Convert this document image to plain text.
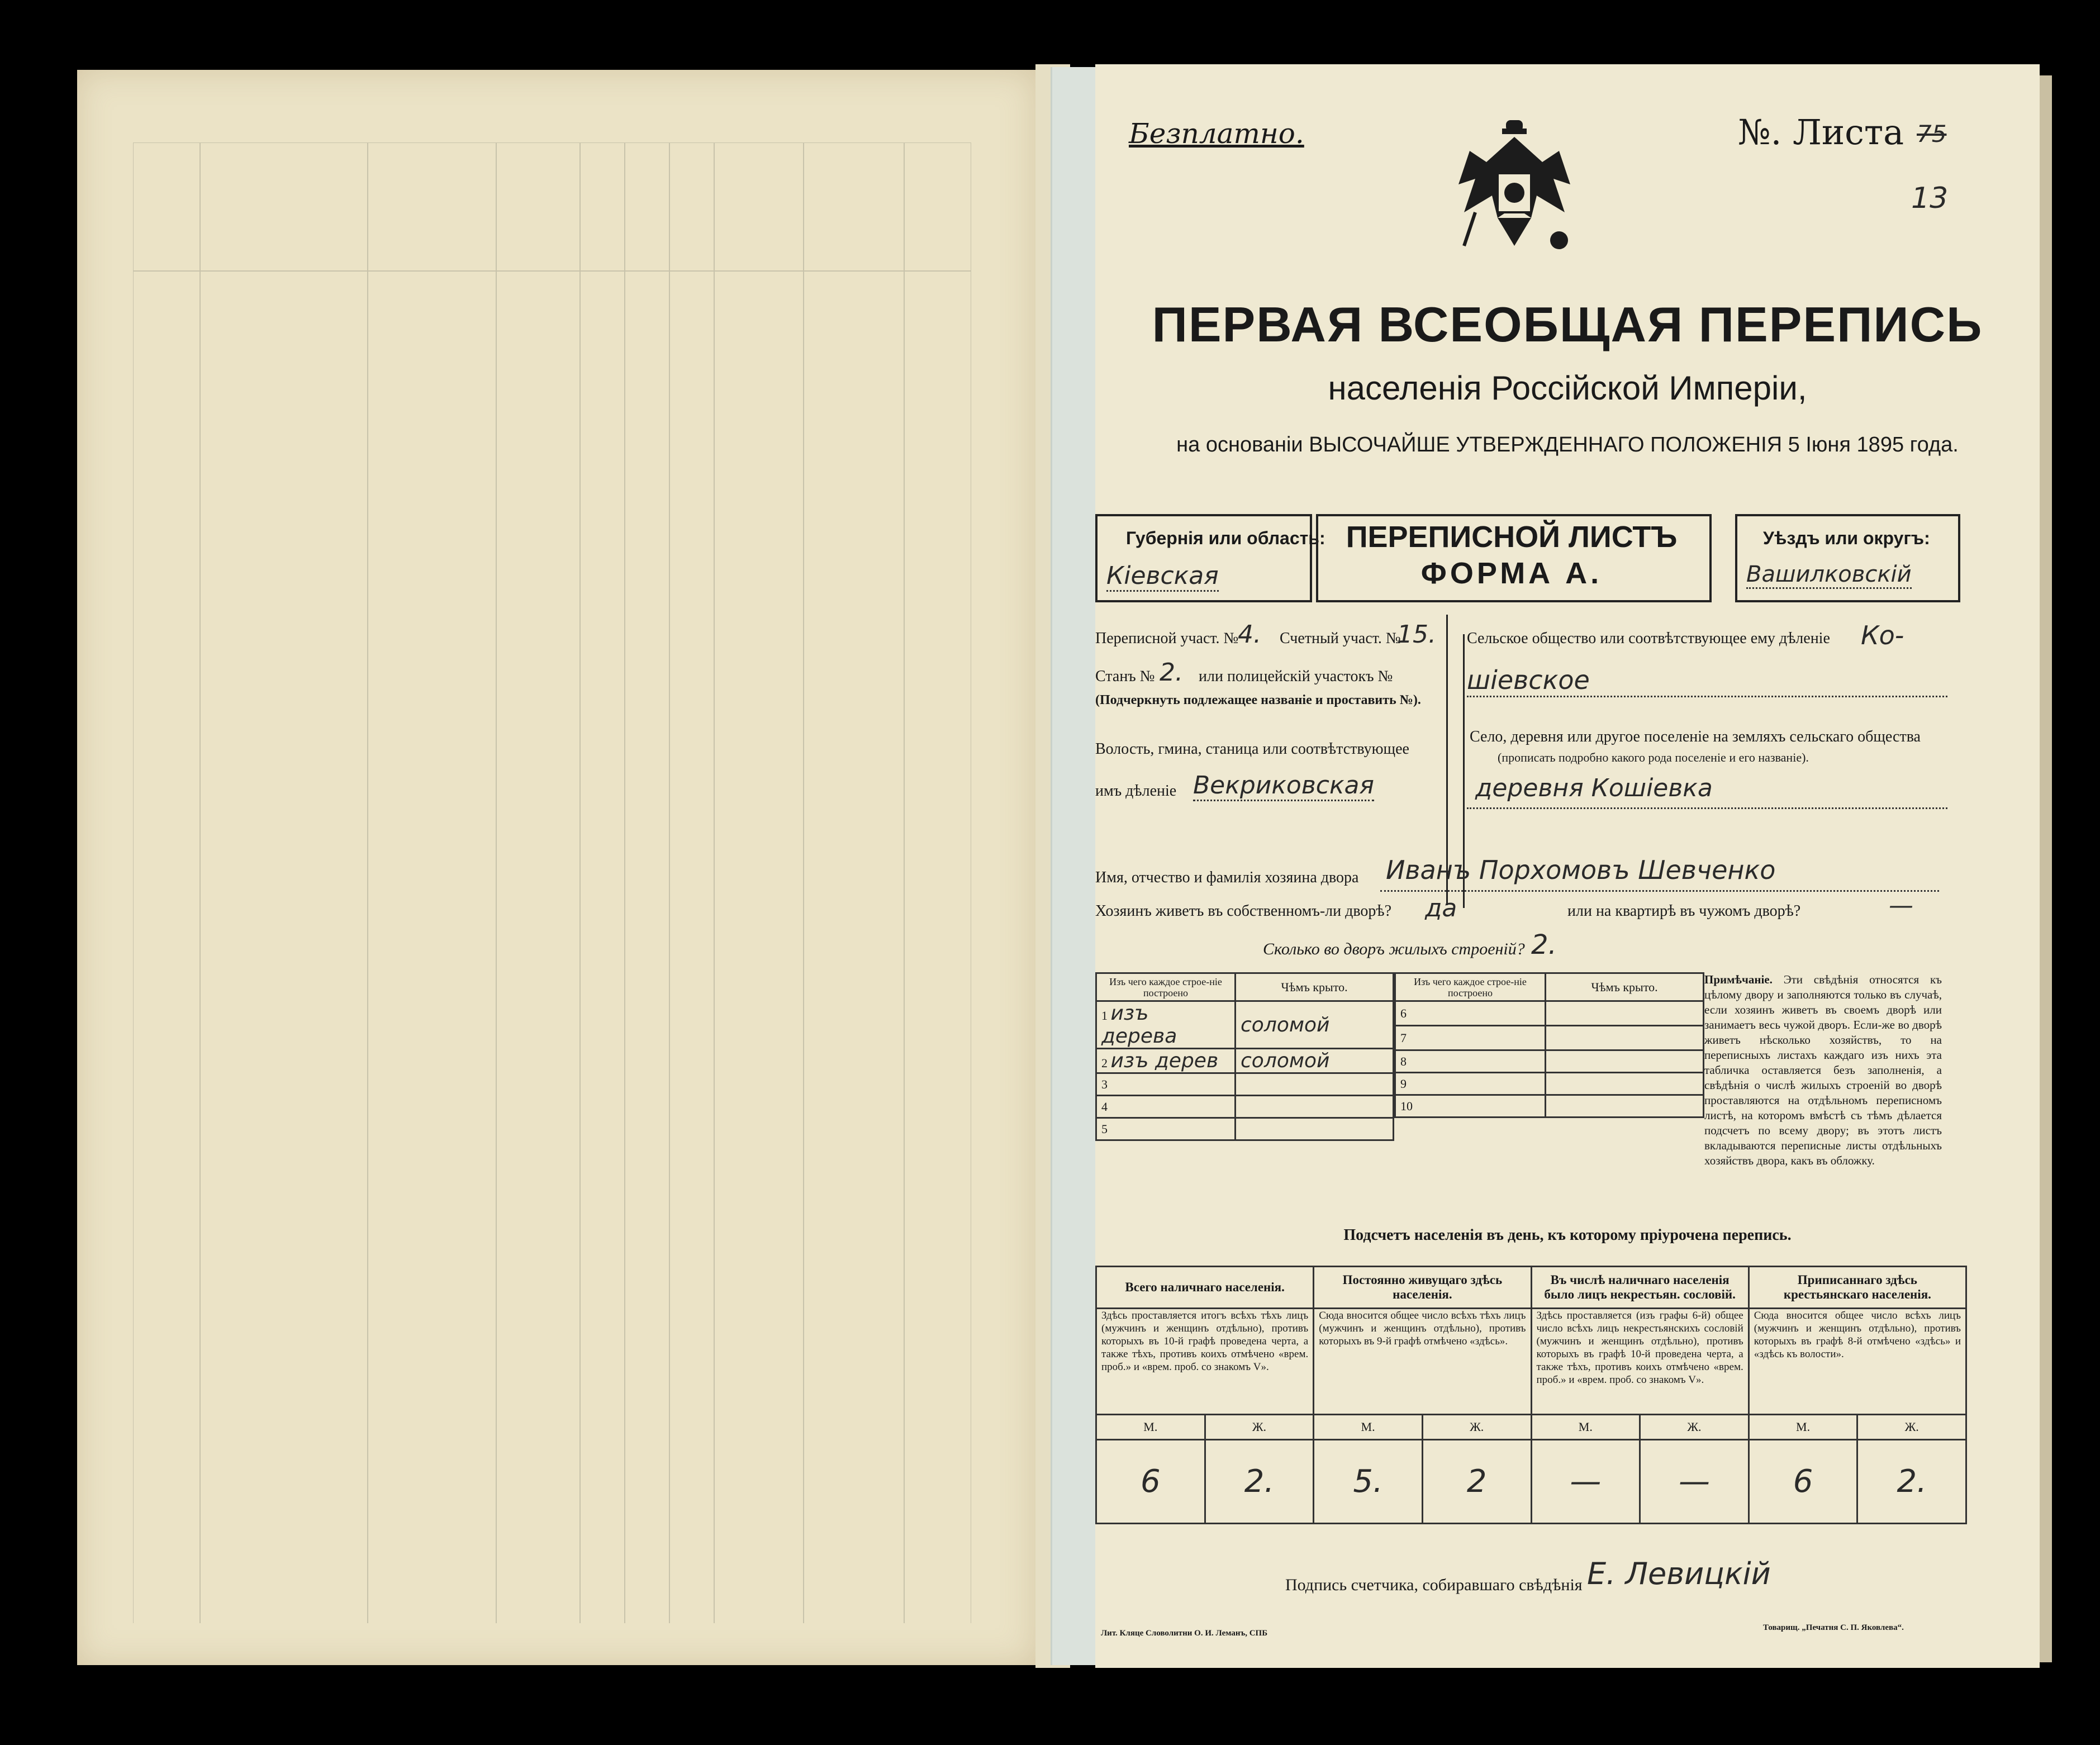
Безплатно.	№. Листа 75
13
ПЕРВАЯ ВСЕОБЩАЯ ПЕРЕПИСЬ
населенія Россійской Имперіи,
на основаніи ВЫСОЧАЙШЕ УТВЕРЖДЕННАГО ПОЛОЖЕНІЯ 5 Іюня 1895 года.
Губернія или область:
Кіевская
ПЕРЕПИСНОЙ ЛИСТЪ
ФОРМА А.
Уѣздъ или округъ:
Вашилковскій
Переписной участ. №
4. Счетный участ. №
15.
Станъ № 2. или полицейскій участокъ №
(Подчеркнуть подлежащее названіе и проставить №).
Волость, гмина, станица или соотвѣтствующее
имъ дѣленіе Векриковская
Сельское общество или соотвѣтствующее ему дѣленіе Ко-
шіевское
Село, деревня или другое поселеніе на земляхъ сельскаго общества
(прописать подробно какого рода поселеніе и его названіе).
деревня Кошіевка
Имя, отчество и фамилія хозяина двора Иванъ Порхомовъ Шевченко
Хозяинъ живетъ въ собственномъ-ли дворѣ? да	или на квартирѣ въ чужомъ дворѣ?	—
Сколько во дворъ жилыхъ строеній? 2.
Изъ чего каждое строе-ніе построено	Чѣмъ крыто.
1 изъ дерева	соломой
2 изъ дерев	соломой
3	
4	
5	
Изъ чего каждое строе-ніе построено	Чѣмъ крыто.
6	
7	
8	
9	
10	
Примѣчаніе. Эти свѣдѣнія относятся къ цѣлому двору и заполняются только въ случаѣ, если хозяинъ живетъ въ своемъ дворѣ или занимаетъ весь чужой дворъ. Если-же во дворѣ живетъ нѣсколько хозяйствъ, то на переписныхъ листахъ каждаго изъ нихъ эта табличка оставляется безъ заполненія, а свѣдѣнія о числѣ жилыхъ строеній во дворѣ проставляются на отдѣльномъ переписномъ листѣ, на которомъ вмѣстѣ съ тѣмъ дѣлается подсчетъ по всему двору; въ этотъ листъ вкладываются переписные листы отдѣльныхъ хозяйствъ двора, какъ въ обложку.
Подсчетъ населенія въ день, къ которому пріурочена перепись.
Всего наличнаго населенія.		Постоянно живущаго здѣсь населенія.		Въ числѣ наличнаго населенія было лицъ некрестьян. сословій.		Приписаннаго здѣсь крестьянскаго населенія.	
Здѣсь проставляется итогъ всѣхъ тѣхъ лицъ (мужчинъ и женщинъ отдѣльно), противъ которыхъ въ 10-й графѣ проведена черта, а также тѣхъ, противъ коихъ отмѣчено «врем. проб.» и «врем. проб. со знакомъ V».		Сюда вносится общее число всѣхъ тѣхъ лицъ (мужчинъ и женщинъ отдѣльно), противъ которыхъ въ 9-й графѣ отмѣчено «здѣсь».		Здѣсь проставляется (изъ графы 6-й) общее число всѣхъ лицъ некрестьянскихъ сословій (мужчинъ и женщинъ отдѣльно), противъ которыхъ въ графѣ 10-й проведена черта, а также тѣхъ, противъ коихъ отмѣчено «врем. проб.» и «врем. проб. со знакомъ V».		Сюда вносится общее число всѣхъ лицъ (мужчинъ и женщинъ отдѣльно), противъ которыхъ въ графѣ 8-й отмѣчено «здѣсь» и «здѣсь къ волости».	
М.	Ж.	М.	Ж.	М.	Ж.	М.	Ж.
6	2.	5.	2	—	—	6	2.
Подпись счетчика, собиравшаго свѣдѣнія Е. Левицкій
Лит. Кляце Словолитни О. И. Леманъ, СПБ
Товарищ. „Печатня С. П. Яковлева“.
